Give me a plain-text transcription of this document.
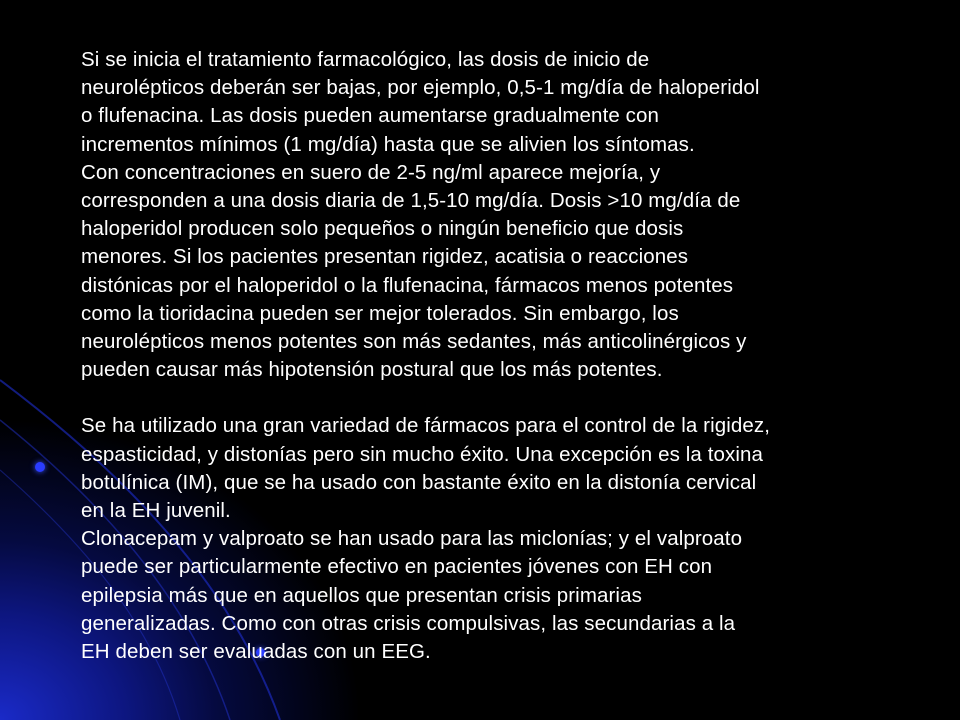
Si se inicia el tratamiento farmacológico, las dosis de inicio de
neurolépticos deberán ser bajas, por ejemplo, 0,5-1 mg/día de haloperidol
o flufenacina. Las dosis pueden aumentarse gradualmente con
incrementos mínimos (1 mg/día) hasta que se alivien los síntomas.
Con concentraciones en suero de 2-5 ng/ml aparece mejoría, y
corresponden a una dosis diaria de 1,5-10 mg/día. Dosis >10 mg/día de
haloperidol producen solo pequeños o ningún beneficio que dosis
menores. Si los pacientes presentan rigidez, acatisia o reacciones
distónicas por el haloperidol o la flufenacina, fármacos menos potentes
como la tioridacina pueden ser mejor tolerados. Sin embargo, los
neurolépticos menos potentes son más sedantes, más anticolinérgicos y
pueden causar más hipotensión postural que los más potentes.
Se ha utilizado una gran variedad de fármacos para el control de la rigidez,
espasticidad, y distonías pero sin mucho éxito. Una excepción es la toxina
botulínica (IM), que se ha usado con bastante éxito en la distonía cervical
en la EH juvenil.
Clonacepam y valproato se han usado para las miclonías; y el valproato
puede ser particularmente efectivo en pacientes jóvenes con EH con
epilepsia más que en aquellos que presentan crisis primarias
generalizadas. Como con otras crisis compulsivas, las secundarias a la
EH deben ser evaluadas con un EEG.
